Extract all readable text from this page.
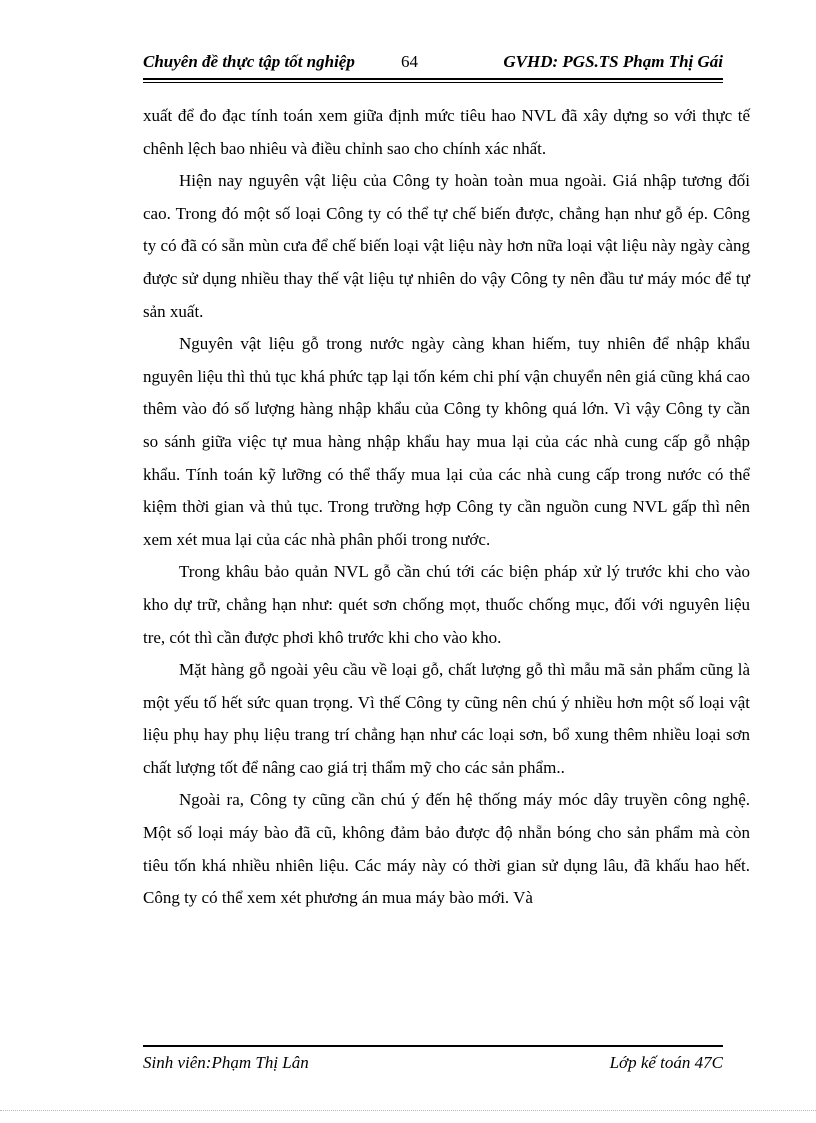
Chuyên đề thực tập tốt nghiệp	64	GVHD: PGS.TS Phạm Thị Gái

xuất để đo đạc tính toán xem giữa định mức tiêu hao NVL đã xây dựng so với thực tế chênh lệch bao nhiêu và điều chỉnh sao cho chính xác nhất.

Hiện nay nguyên vật liệu của Công ty hoàn toàn mua ngoài. Giá nhập tương đối cao. Trong đó một số loại Công ty có thể tự chế biến được, chẳng hạn như gỗ ép. Công ty có đã có sẵn mùn cưa để chế biến loại vật liệu này hơn nữa loại vật liệu này ngày càng được sử dụng nhiều thay thế vật liệu tự nhiên do vậy Công ty nên đầu tư máy móc để tự sản xuất.

Nguyên vật liệu gỗ trong nước ngày càng khan hiếm, tuy nhiên để nhập khẩu nguyên liệu thì thủ tục khá phức tạp lại tốn kém chi phí vận chuyển nên giá cũng khá cao thêm vào đó số lượng hàng nhập khẩu của Công ty không quá lớn. Vì vậy Công ty cần so sánh giữa việc tự mua hàng nhập khẩu hay mua lại của các nhà cung cấp gỗ nhập khẩu. Tính toán kỹ lưỡng có thể thấy mua lại của các nhà cung cấp trong nước có thể kiệm thời gian và thủ tục. Trong trường hợp Công ty cần nguồn cung NVL gấp thì nên xem xét mua lại của các nhà phân phối trong nước.

Trong khâu bảo quản NVL gỗ cần chú tới các biện pháp xử lý trước khi cho vào kho dự trữ, chẳng hạn như: quét sơn chống mọt, thuốc chống mục, đối với nguyên liệu tre, cót thì cần được phơi khô trước khi cho vào kho.

Mặt hàng gỗ ngoài yêu cầu về loại gỗ, chất lượng gỗ thì mẫu mã sản phẩm cũng là một yếu tố hết sức quan trọng. Vì thế Công ty cũng nên chú ý nhiều hơn một số loại vật liệu phụ hay phụ liệu trang trí chẳng hạn như các loại sơn, bổ xung thêm nhiều loại sơn chất lượng tốt để nâng cao giá trị thẩm mỹ cho các sản phẩm..

Ngoài ra, Công ty cũng cần chú ý đến hệ thống máy móc dây truyền công nghệ. Một số loại máy bào đã cũ, không đảm bảo được độ nhẵn bóng cho sản phẩm mà còn tiêu tốn khá nhiều nhiên liệu. Các máy này có thời gian sử dụng lâu, đã khấu hao hết. Công ty có thể xem xét phương án mua máy bào mới. Và

Sinh viên:Phạm Thị Lân	Lớp kế toán 47C
